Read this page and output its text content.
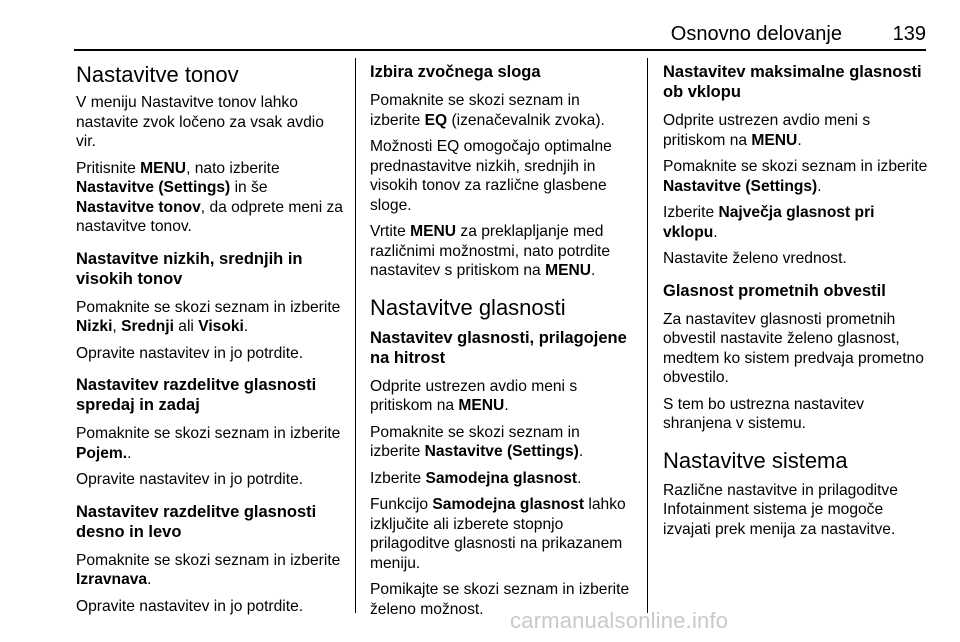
Osnovno delovanje	139
Nastavitve tonov

V meniju Nastavitve tonov lahko nastavite zvok ločeno za vsak avdio vir.

Pritisnite MENU, nato izberite Nastavitve (Settings) in še Nastavitve tonov, da odprete meni za nastavitve tonov.

Nastavitve nizkih, srednjih in visokih tonov

Pomaknite se skozi seznam in izberite Nizki, Srednji ali Visoki.

Opravite nastavitev in jo potrdite.

Nastavitev razdelitve glasnosti spredaj in zadaj

Pomaknite se skozi seznam in izberite Pojem..

Opravite nastavitev in jo potrdite.

Nastavitev razdelitve glasnosti desno in levo

Pomaknite se skozi seznam in izberite Izravnava.

Opravite nastavitev in jo potrdite.

Izbira zvočnega sloga

Pomaknite se skozi seznam in izberite EQ (izenačevalnik zvoka).

Možnosti EQ omogočajo optimalne prednastavitve nizkih, srednjih in visokih tonov za različne glasbene sloge.

Vrtite MENU za preklapljanje med različnimi možnostmi, nato potrdite nastavitev s pritiskom na MENU.

Nastavitve glasnosti
Nastavitev glasnosti, prilagojene na hitrost

Odprite ustrezen avdio meni s pritiskom na MENU.

Pomaknite se skozi seznam in izberite Nastavitve (Settings).

Izberite Samodejna glasnost.

Funkcijo Samodejna glasnost lahko izključite ali izberete stopnjo prilagoditve glasnosti na prikazanem meniju.

Pomikajte se skozi seznam in izberite želeno možnost.

Nastavitev maksimalne glasnosti ob vklopu

Odprite ustrezen avdio meni s pritiskom na MENU.

Pomaknite se skozi seznam in izberite Nastavitve (Settings).

Izberite Največja glasnost pri vklopu.

Nastavite želeno vrednost.

Glasnost prometnih obvestil

Za nastavitev glasnosti prometnih obvestil nastavite želeno glasnost, medtem ko sistem predvaja prometno obvestilo.

S tem bo ustrezna nastavitev shranjena v sistemu.

Nastavitve sistema

Različne nastavitve in prilagoditve Infotainment sistema je mogoče izvajati prek menija za nastavitve.

carmanualsonline.info
